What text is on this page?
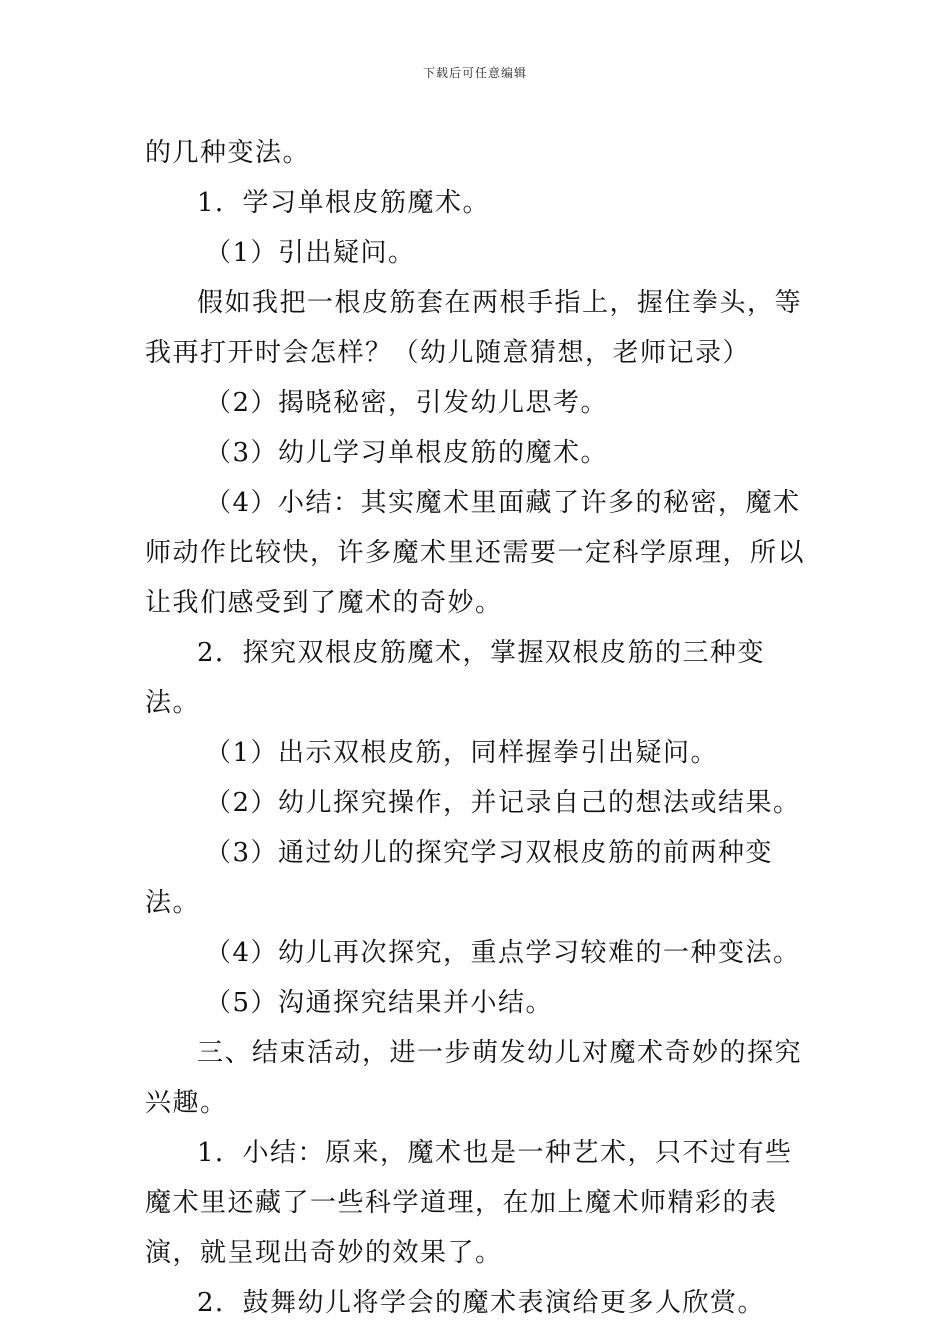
下载后可任意编辑

的几种变法。

1．学习单根皮筋魔术。

（1）引出疑问。

假如我把一根皮筋套在两根手指上，握住拳头，等我再打开时会怎样？（幼儿随意猜想，老师记录）

（2）揭晓秘密，引发幼儿思考。

（3）幼儿学习单根皮筋的魔术。

（4）小结：其实魔术里面藏了许多的秘密，魔术师动作比较快，许多魔术里还需要一定科学原理，所以让我们感受到了魔术的奇妙。

2．探究双根皮筋魔术，掌握双根皮筋的三种变法。

（1）出示双根皮筋，同样握拳引出疑问。

（2）幼儿探究操作，并记录自己的想法或结果。

（3）通过幼儿的探究学习双根皮筋的前两种变法。

（4）幼儿再次探究，重点学习较难的一种变法。

（5）沟通探究结果并小结。

三、结束活动，进一步萌发幼儿对魔术奇妙的探究兴趣。

1．小结：原来，魔术也是一种艺术，只不过有些魔术里还藏了一些科学道理，在加上魔术师精彩的表演，就呈现出奇妙的效果了。

2．鼓舞幼儿将学会的魔术表演给更多人欣赏。
